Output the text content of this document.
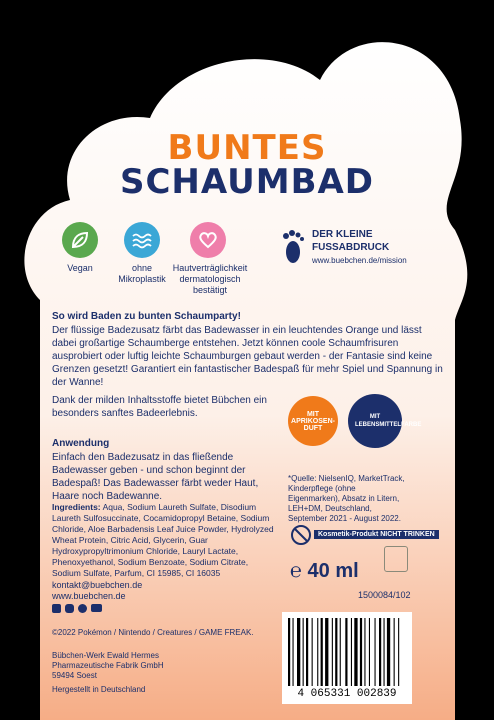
BUNTES
SCHAUMBAD
Vegan	ohne Mikroplastik
Hautverträglichkeit dermatologisch bestätigt
DER KLEINE
FUSSABDRUCK
www.buebchen.de/mission
So wird Baden zu bunten Schaumparty!
Der flüssige Badezusatz färbt das Badewasser in ein leuchtendes Orange und lässt dabei großartige Schaumberge entstehen. Jetzt können coole Schaumfrisuren ausprobiert oder luftig leichte Schaumburgen gebaut werden - der Fantasie sind keine Grenzen gesetzt! Garantiert ein fantastischer Badespaß für mehr Spiel und Spannung in der Wanne!
Dank der milden Inhaltsstoffe bietet Bübchen ein besonders sanftes Badeerlebnis.	MIT
APRIKOSEN-
DUFT
MIT LEBENSMITTELFARBE
Anwendung
Einfach den Badezusatz in das fließende Badewasser geben - und schon beginnt der Badespaß! Das Badewasser färbt weder Haut, Haare noch Badewanne.
*Quelle: NielsenIQ, MarketTrack, Kinderpflege (ohne Eigenmarken), Absatz in Litern, LEH+DM, Deutschland, September 2021 - August 2022.
Ingredients: Aqua, Sodium Laureth Sulfate, Disodium Laureth Sulfosuccinate, Cocamidopropyl Betaine, Sodium Chloride, Aloe Barbadensis Leaf Juice Powder, Hydrolyzed Wheat Protein, Citric Acid, Glycerin, Guar Hydroxypropyltrimonium Chloride, Lauryl Lactate, Phenoxyethanol, Sodium Benzoate, Sodium Citrate, Sodium Sulfate, Parfum, CI 15985, CI 16035
Kosmetik-Produkt NICHT TRINKEN
℮ 40 ml
1500084/102
kontakt@buebchen.de
www.buebchen.de
©2022 Pokémon / Nintendo / Creatures / GAME FREAK.
Bübchen-Werk Ewald Hermes
Pharmazeutische Fabrik GmbH
59494 Soest
Hergestellt in Deutschland	4 065331 002839
